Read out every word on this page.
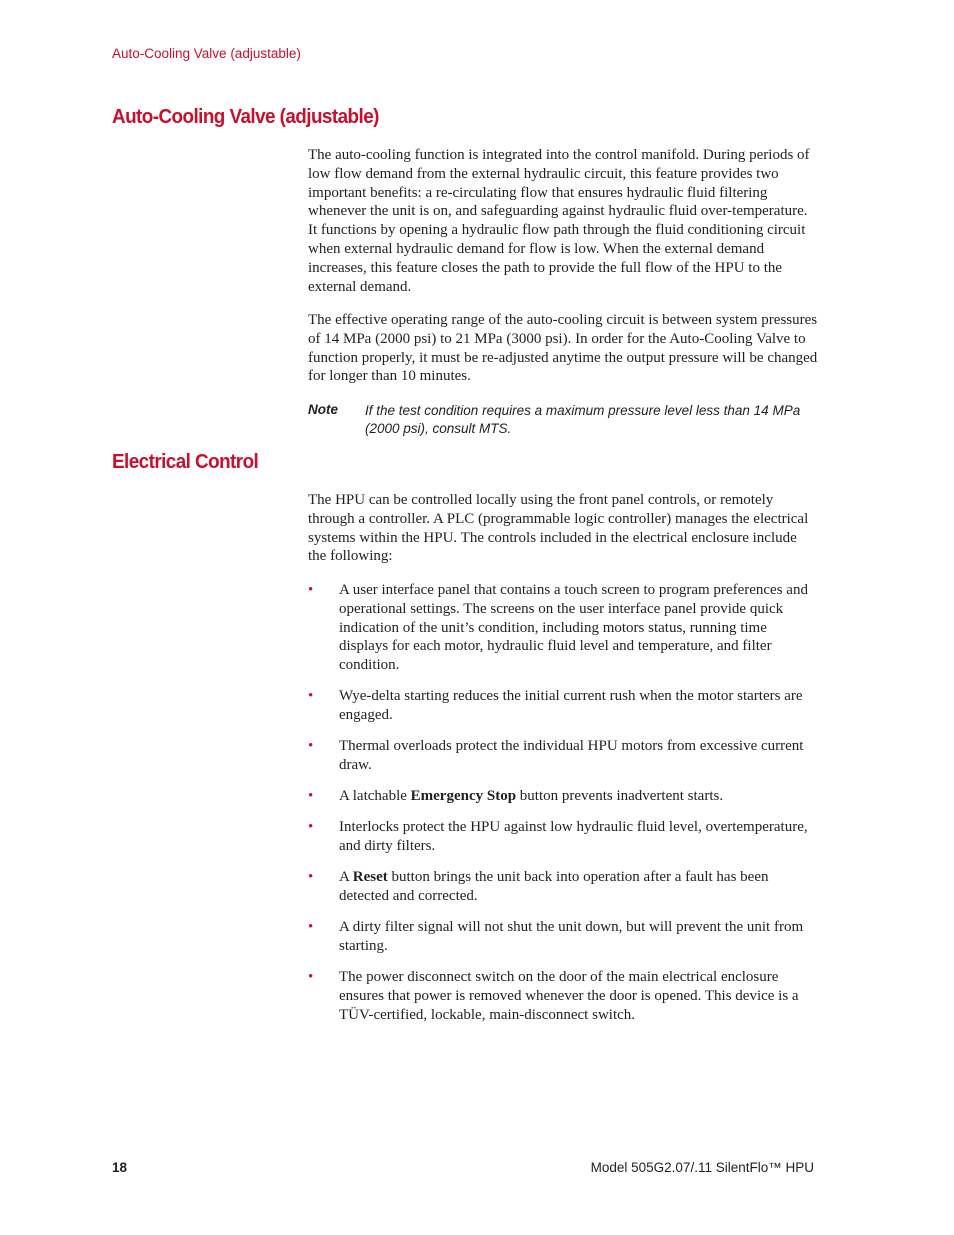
Auto-Cooling Valve (adjustable)
Auto-Cooling Valve (adjustable)

The auto-cooling function is integrated into the control manifold. During periods of low flow demand from the external hydraulic circuit, this feature provides two important benefits: a re-circulating flow that ensures hydraulic fluid filtering whenever the unit is on, and safeguarding against hydraulic fluid over-temperature. It functions by opening a hydraulic flow path through the fluid conditioning circuit when external hydraulic demand for flow is low. When the external demand increases, this feature closes the path to provide the full flow of the HPU to the external demand.

The effective operating range of the auto-cooling circuit is between system pressures of 14 MPa (2000 psi) to 21 MPa (3000 psi). In order for the Auto-Cooling Valve to function properly, it must be re-adjusted anytime the output pressure will be changed for longer than 10 minutes.

Note If the test condition requires a maximum pressure level less than 14 MPa (2000 psi), consult MTS.

Electrical Control

The HPU can be controlled locally using the front panel controls, or remotely through a controller. A PLC (programmable logic controller) manages the electrical systems within the HPU. The controls included in the electrical enclosure include the following:

• A user interface panel that contains a touch screen to program preferences and operational settings. The screens on the user interface panel provide quick indication of the unit’s condition, including motors status, running time displays for each motor, hydraulic fluid level and temperature, and filter condition.
• Wye-delta starting reduces the initial current rush when the motor starters are engaged.
• Thermal overloads protect the individual HPU motors from excessive current draw.
• A latchable Emergency Stop button prevents inadvertent starts.
• Interlocks protect the HPU against low hydraulic fluid level, overtemperature, and dirty filters.
• A Reset button brings the unit back into operation after a fault has been detected and corrected.
• A dirty filter signal will not shut the unit down, but will prevent the unit from starting.
• The power disconnect switch on the door of the main electrical enclosure ensures that power is removed whenever the door is opened. This device is a TÜV-certified, lockable, main-disconnect switch.
18	Model 505G2.07/.11 SilentFlo™ HPU
